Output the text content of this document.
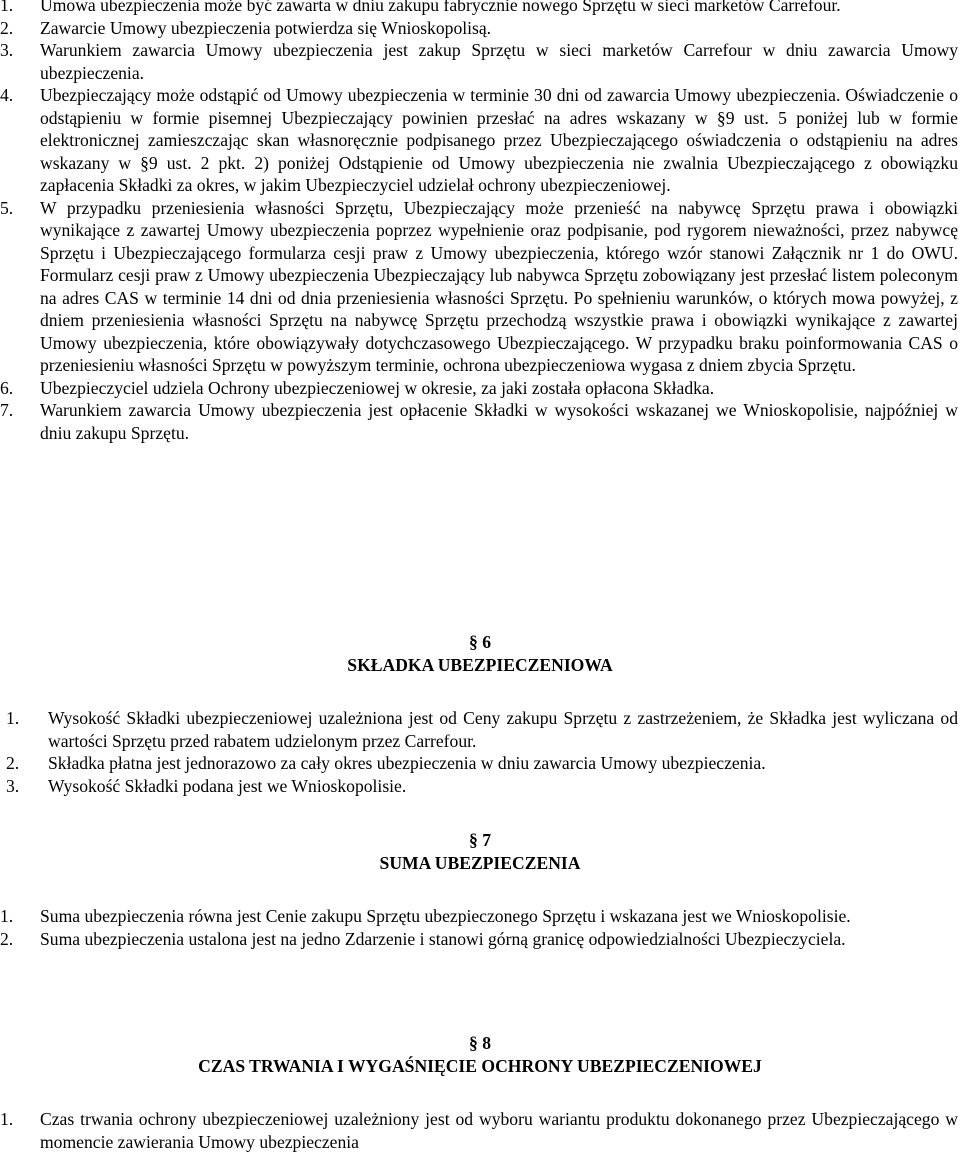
1. Umowa ubezpieczenia może być zawarta w dniu zakupu fabrycznie nowego Sprzętu w sieci marketów Carrefour.
2. Zawarcie Umowy ubezpieczenia potwierdza się Wnioskopolisą.
3. Warunkiem zawarcia Umowy ubezpieczenia jest zakup Sprzętu w sieci marketów Carrefour w dniu zawarcia Umowy ubezpieczenia.
4. Ubezpieczający może odstąpić od Umowy ubezpieczenia w terminie 30 dni od zawarcia Umowy ubezpieczenia. Oświadczenie o odstąpieniu w formie pisemnej Ubezpieczający powinien przesłać na adres wskazany w §9 ust. 5 poniżej lub w formie elektronicznej zamieszczając skan własnoręcznie podpisanego przez Ubezpieczającego oświadczenia o odstąpieniu na adres wskazany w §9 ust. 2 pkt. 2) poniżej Odstąpienie od Umowy ubezpieczenia nie zwalnia Ubezpieczającego z obowiązku zapłacenia Składki za okres, w jakim Ubezpieczyciel udzielał ochrony ubezpieczeniowej.
5. W przypadku przeniesienia własności Sprzętu, Ubezpieczający może przenieść na nabywcę Sprzętu prawa i obowiązki wynikające z zawartej Umowy ubezpieczenia poprzez wypełnienie oraz podpisanie, pod rygorem nieważności, przez nabywcę Sprzętu i Ubezpieczającego formularza cesji praw z Umowy ubezpieczenia, którego wzór stanowi Załącznik nr 1 do OWU. Formularz cesji praw z Umowy ubezpieczenia Ubezpieczający lub nabywca Sprzętu zobowiązany jest przesłać listem poleconym na adres CAS w terminie 14 dni od dnia przeniesienia własności Sprzętu. Po spełnieniu warunków, o których mowa powyżej, z dniem przeniesienia własności Sprzętu na nabywcę Sprzętu przechodzą wszystkie prawa i obowiązki wynikające z zawartej Umowy ubezpieczenia, które obowiązywały dotychczasowego Ubezpieczającego. W przypadku braku poinformowania CAS o przeniesieniu własności Sprzętu w powyższym terminie, ochrona ubezpieczeniowa wygasa z dniem zbycia Sprzętu.
6. Ubezpieczyciel udziela Ochrony ubezpieczeniowej w okresie, za jaki została opłacona Składka.
7. Warunkiem zawarcia Umowy ubezpieczenia jest opłacenie Składki w wysokości wskazanej we Wnioskopolisie, najpóźniej w dniu zakupu Sprzętu.
§ 6
SKŁADKA UBEZPIECZENIOWA
1. Wysokość Składki ubezpieczeniowej uzależniona jest od Ceny zakupu Sprzętu z zastrzeżeniem, że Składka jest wyliczana od wartości Sprzętu przed rabatem udzielonym przez Carrefour.
2. Składka płatna jest jednorazowo za cały okres ubezpieczenia w dniu zawarcia Umowy ubezpieczenia.
3. Wysokość Składki podana jest we Wnioskopolisie.
§ 7
SUMA UBEZPIECZENIA
1. Suma ubezpieczenia równa jest Cenie zakupu Sprzętu ubezpieczonego Sprzętu i wskazana jest we Wnioskopolisie.
2. Suma ubezpieczenia ustalona jest na jedno Zdarzenie i stanowi górną granicę odpowiedzialności Ubezpieczyciela.
§ 8
CZAS TRWANIA I WYGAŚNIĘCIE OCHRONY UBEZPIECZENIOWEJ
1. Czas trwania ochrony ubezpieczeniowej uzależniony jest od wyboru wariantu produktu dokonanego przez Ubezpieczającego w momencie zawierania Umowy ubezpieczenia
